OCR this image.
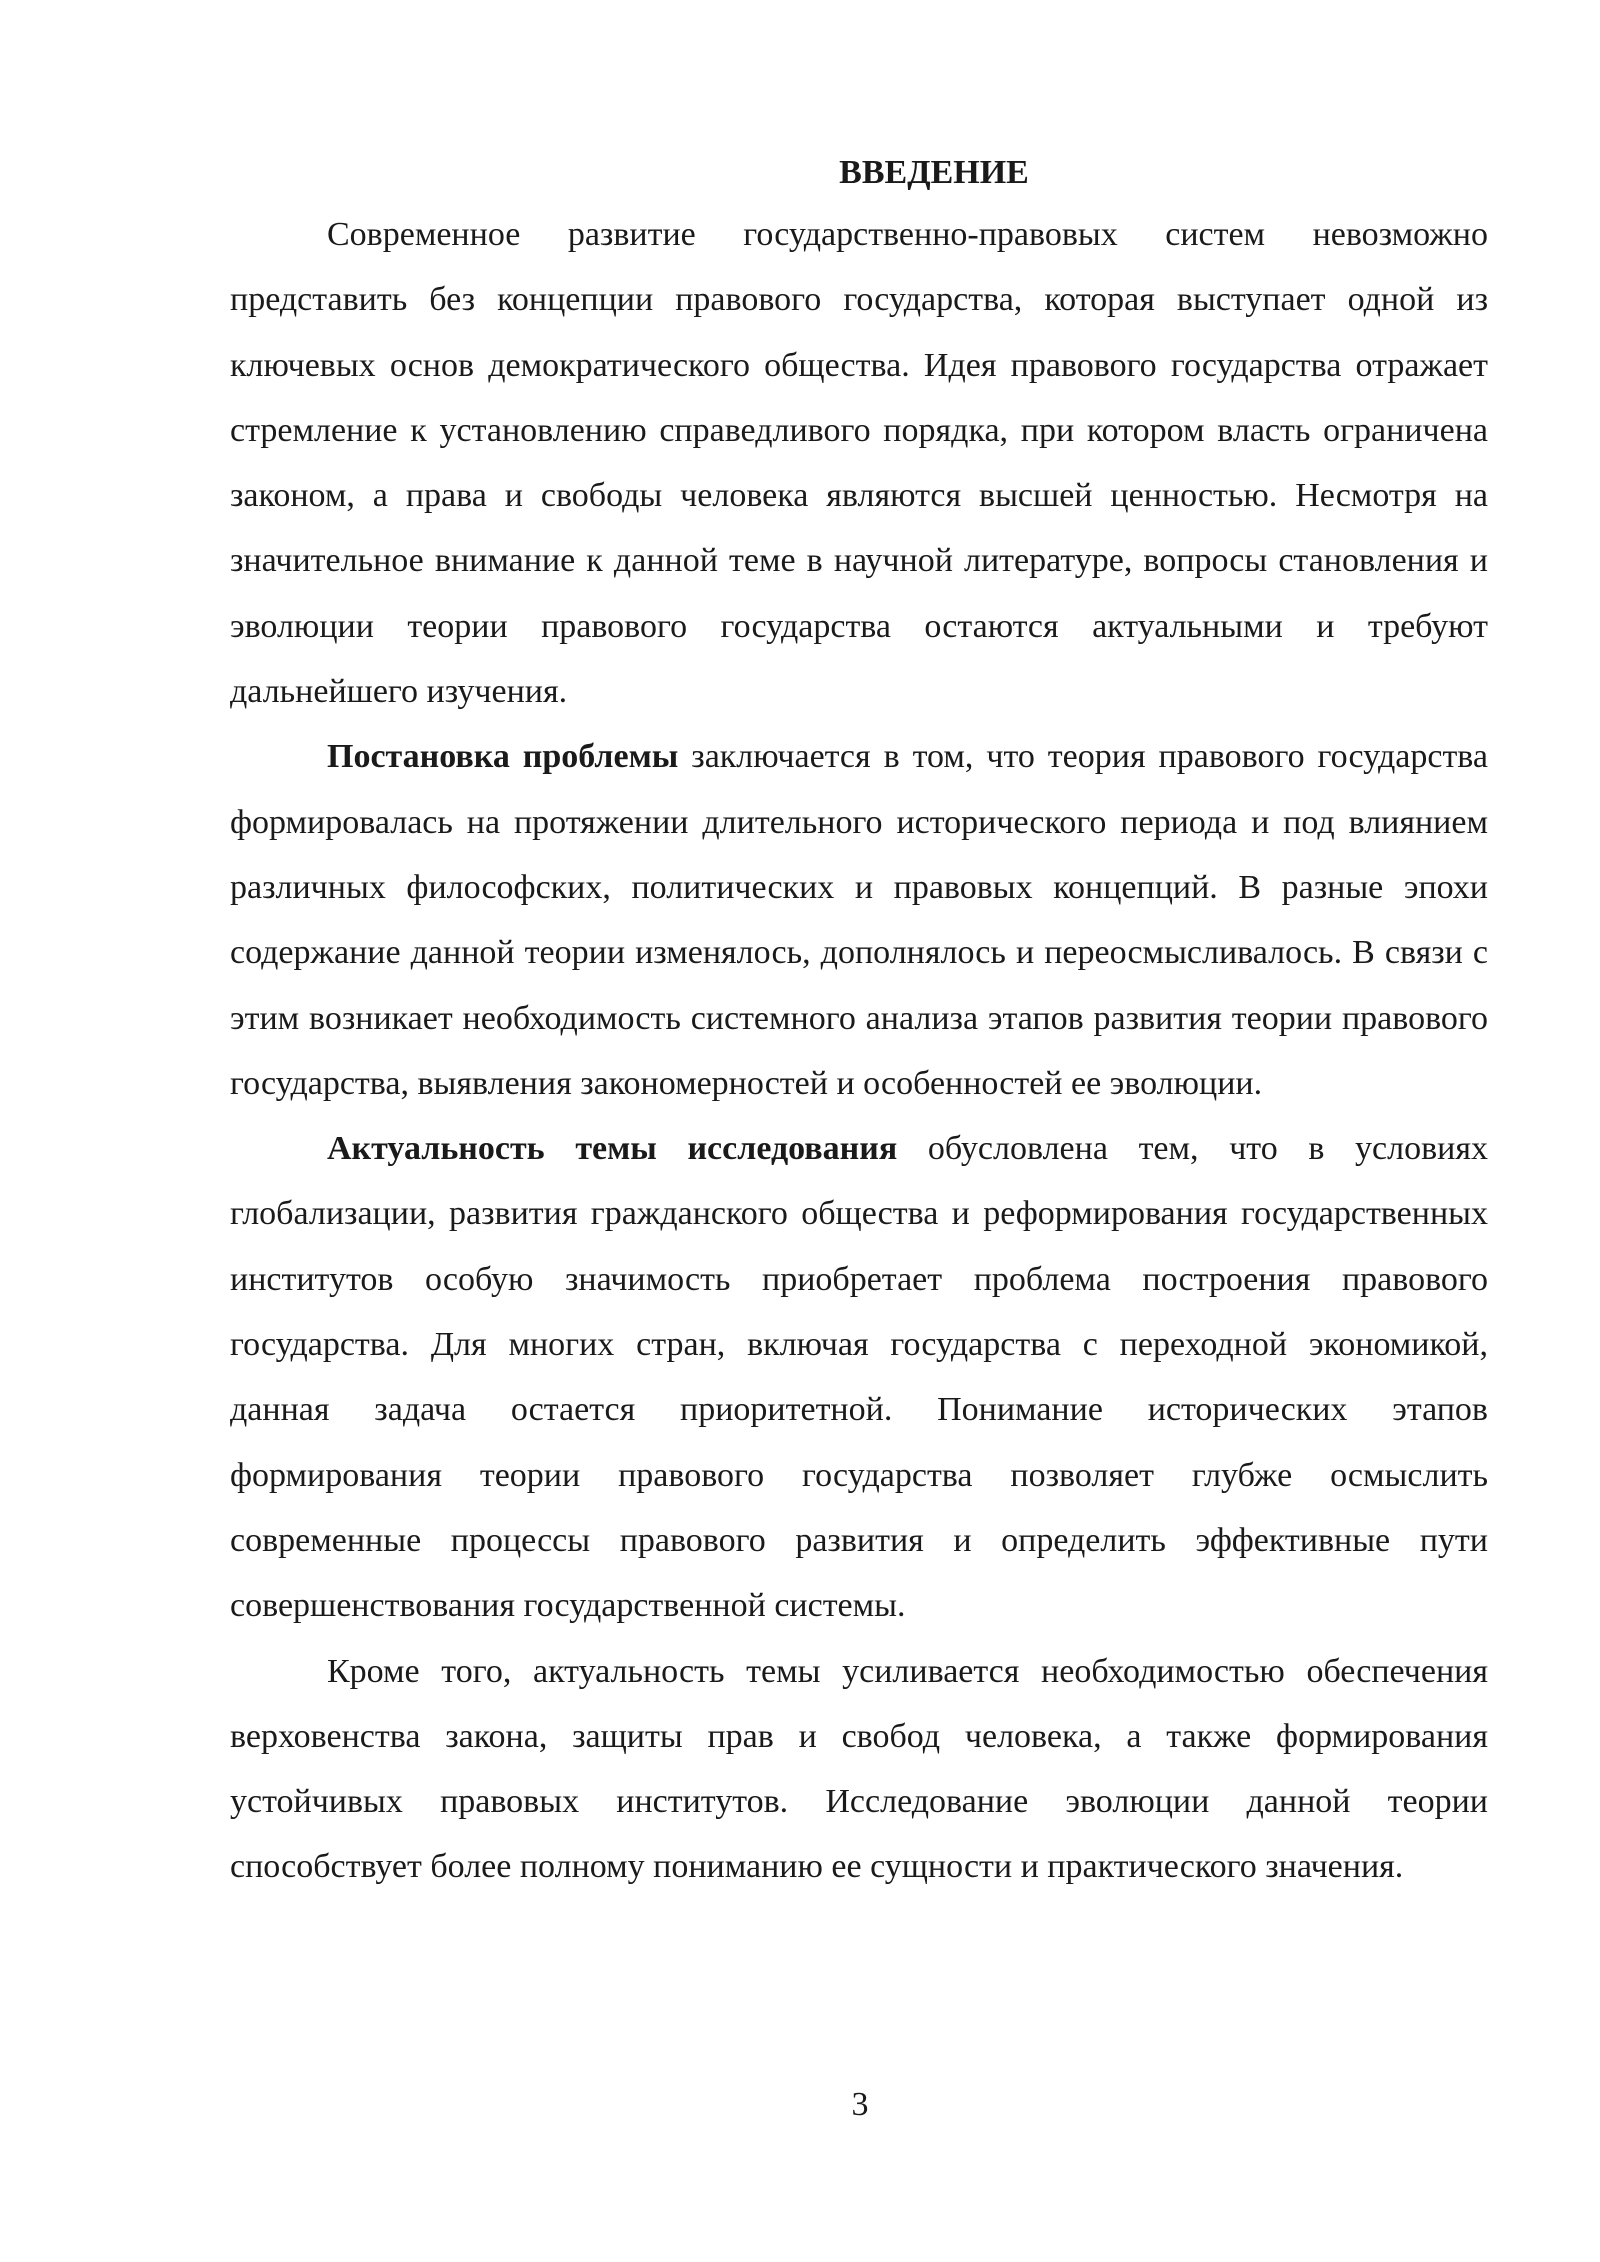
ВВЕДЕНИЕ

Современное развитие государственно-правовых систем невозможно представить без концепции правового государства, которая выступает одной из ключевых основ демократического общества. Идея правового государства отражает стремление к установлению справедливого порядка, при котором власть ограничена законом, а права и свободы человека являются высшей ценностью. Несмотря на значительное внимание к данной теме в научной литературе, вопросы становления и эволюции теории правового государства остаются актуальными и требуют дальнейшего изучения.

Постановка проблемы заключается в том, что теория правового государства формировалась на протяжении длительного исторического периода и под влиянием различных философских, политических и правовых концепций. В разные эпохи содержание данной теории изменялось, дополнялось и переосмысливалось. В связи с этим возникает необходимость системного анализа этапов развития теории правового государства, выявления закономерностей и особенностей ее эволюции.

Актуальность темы исследования обусловлена тем, что в условиях глобализации, развития гражданского общества и реформирования государственных институтов особую значимость приобретает проблема построения правового государства. Для многих стран, включая государства с переходной экономикой, данная задача остается приоритетной. Понимание исторических этапов формирования теории правового государства позволяет глубже осмыслить современные процессы правового развития и определить эффективные пути совершенствования государственной системы.

Кроме того, актуальность темы усиливается необходимостью обеспечения верховенства закона, защиты прав и свобод человека, а также формирования устойчивых правовых институтов. Исследование эволюции данной теории способствует более полному пониманию ее сущности и практического значения.

3
